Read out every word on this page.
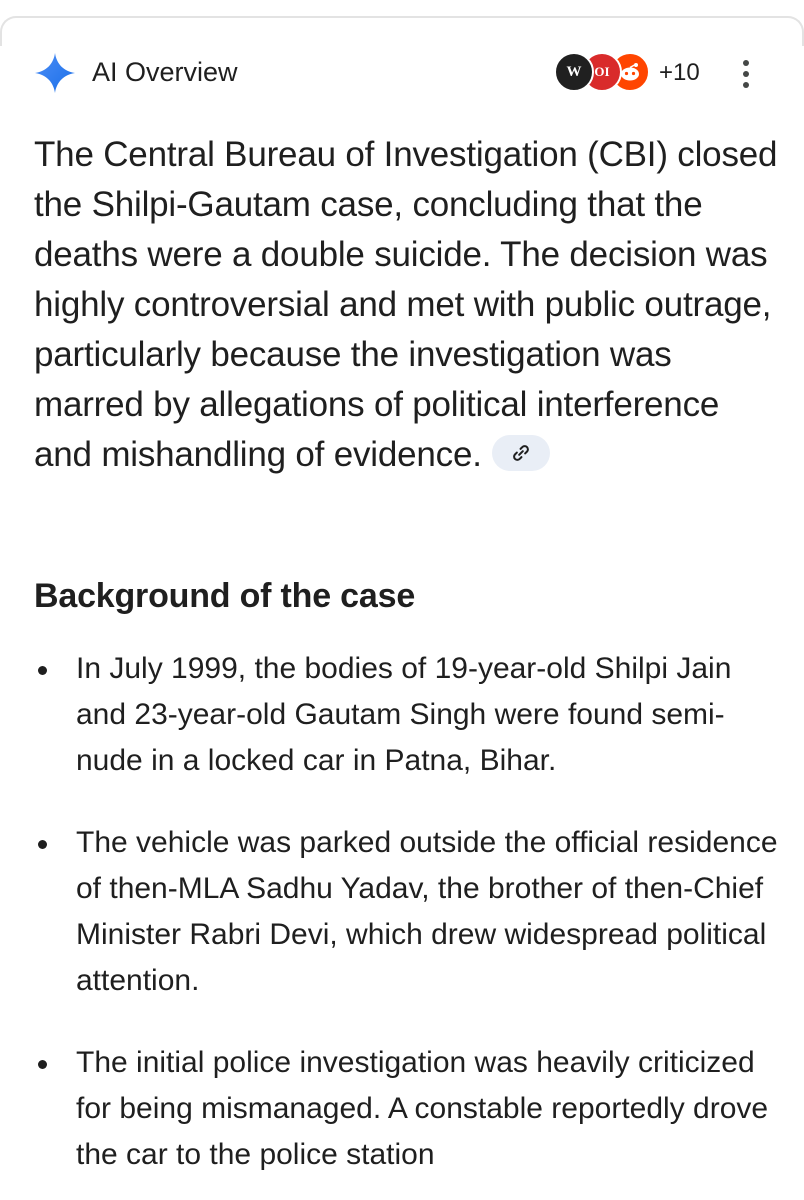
AI Overview	W OI	+10
The Central Bureau of Investigation (CBI) closed the Shilpi-Gautam case, concluding that the deaths were a double suicide. The decision was highly controversial and met with public outrage, particularly because the investigation was marred by allegations of political interference and mishandling of evidence.
Background of the case
In July 1999, the bodies of 19-year-old Shilpi Jain and 23-year-old Gautam Singh were found semi-nude in a locked car in Patna, Bihar.
The vehicle was parked outside the official residence of then-MLA Sadhu Yadav, the brother of then-Chief Minister Rabri Devi, which drew widespread political attention.
The initial police investigation was heavily criticized for being mismanaged. A constable reportedly drove the car to the police station
